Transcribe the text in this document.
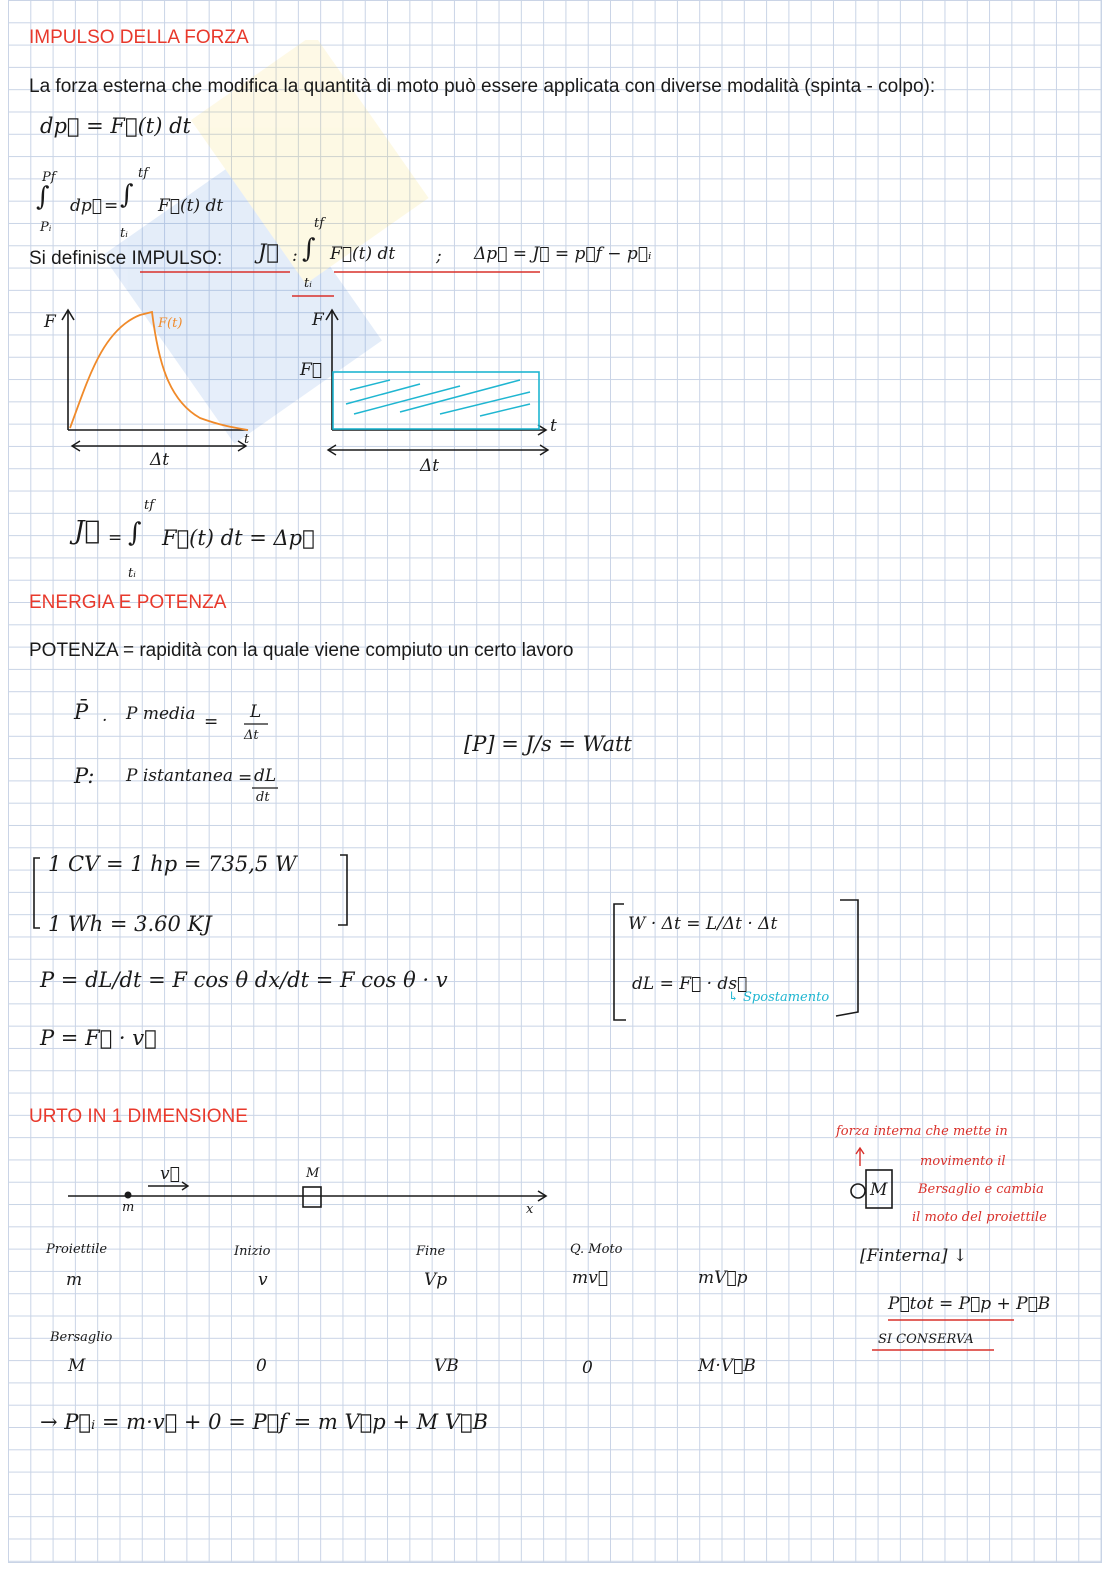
IMPULSO DELLA FORZA
La forza esterna che modifica la quantità di moto può essere applicata con diverse modalità (spinta - colpo):
dp⃗ = F⃗(t) dt
Pf
∫
Pᵢ
dp⃗ =
tf
∫
tᵢ
F⃗(t) dt
Si definisce IMPULSO: J⃗ :
tf
∫
tᵢ
F⃗(t) dt ; Δp⃗ = J⃗ = p⃗f − p⃗ᵢ
F	F(t)
t
Δt
F
F⃗
t
Δt
J⃗ =
tf
∫
tᵢ
F⃗(t) dt = Δp⃗
ENERGIA E POTENZA
POTENZA = rapidità con la quale viene compiuto un certo lavoro
P̄ . P media = L
Δt
P: P istantanea = dL
dt
[P] = J/s = Watt
1 CV = 1 hp = 735,5 W
1 Wh = 3.60 KJ
P = dL/dt = F cos θ dx/dt = F cos θ · v
P = F⃗ · v⃗
W · Δt = L/Δt · Δt
dL = F⃗ · ds⃗
↳ Spostamento
URTO IN 1 DIMENSIONE
v⃗
m
M
x
Proiettile	Inizio	Fine	Q. Moto
m	v	Vp	mv⃗	mV⃗p
Bersaglio
M	0	VB	0	M·V⃗B
→ P⃗ᵢ = m·v⃗ + 0 = P⃗f = m V⃗p + M V⃗B
forza interna che mette in
movimento il
Bersaglio e cambia
il moto del proiettile
M
[Finterna] ↓
P⃗tot = P⃗p + P⃗B
SI CONSERVA
